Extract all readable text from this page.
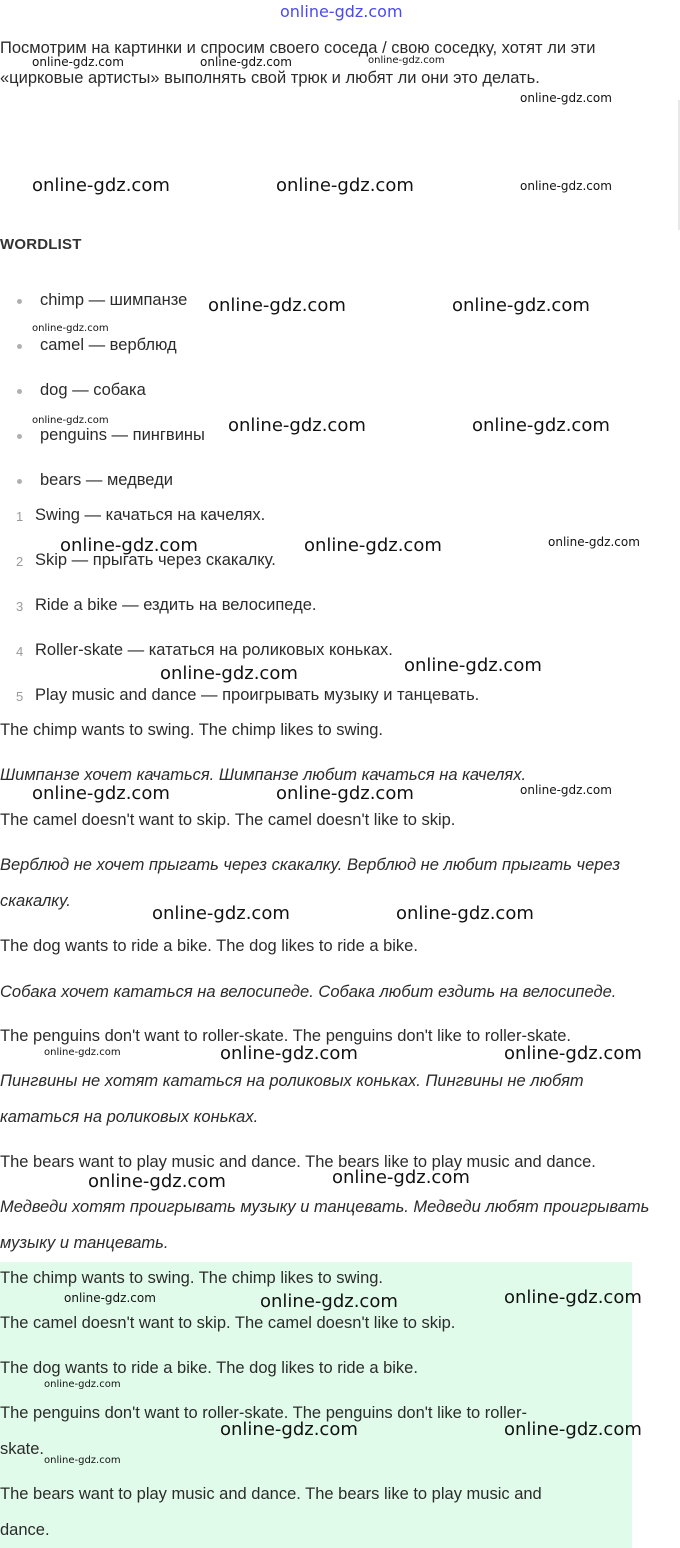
online-gdz.com
Посмотрим на картинки и спросим своего соседа / свою соседку, хотят ли эти «цирковые артисты» выполнять свой трюк и любят ли они это делать.
WORDLIST
chimp — шимпанзе
camel — верблюд
dog — собака
penguins — пингвины
bears — медведи
1 Swing — качаться на качелях.
2 Skip — прыгать через скакалку.
3 Ride a bike — ездить на велосипеде.
4 Roller-skate — кататься на роликовых коньках.
5 Play music and dance — проигрывать музыку и танцевать.
The chimp wants to swing. The chimp likes to swing.
Шимпанзе хочет качаться. Шимпанзе любит качаться на качелях.
The camel doesn't want to skip. The camel doesn't like to skip.
Верблюд не хочет прыгать через скакалку. Верблюд не любит прыгать через
скакалку.
The dog wants to ride a bike. The dog likes to ride a bike.
Собака хочет кататься на велосипеде. Собака любит ездить на велосипеде.
The penguins don't want to roller-skate. The penguins don't like to roller-skate.
Пингвины не хотят кататься на роликовых коньках. Пингвины не любят
кататься на роликовых коньках.
The bears want to play music and dance. The bears like to play music and dance.
Медведи хотят проигрывать музыку и танцевать. Медведи любят проигрывать
музыку и танцевать.
The chimp wants to swing. The chimp likes to swing.
The camel doesn't want to skip. The camel doesn't like to skip.
The dog wants to ride a bike. The dog likes to ride a bike.
The penguins don't want to roller-skate. The penguins don't like to roller-
skate.
The bears want to play music and dance. The bears like to play music and
dance.
online-gdz.com	online-gdz.com	online-gdz.com
online-gdz.com
online-gdz.com	online-gdz.com	online-gdz.com
online-gdz.com	online-gdz.com
online-gdz.com
online-gdz.com	online-gdz.com	online-gdz.com
online-gdz.com	online-gdz.com	online-gdz.com
online-gdz.com	online-gdz.com
online-gdz.com	online-gdz.com	online-gdz.com
online-gdz.com	online-gdz.com
online-gdz.com	online-gdz.com	online-gdz.com
online-gdz.com	online-gdz.com
online-gdz.com	online-gdz.com	online-gdz.com
online-gdz.com
online-gdz.com	online-gdz.com
online-gdz.com
